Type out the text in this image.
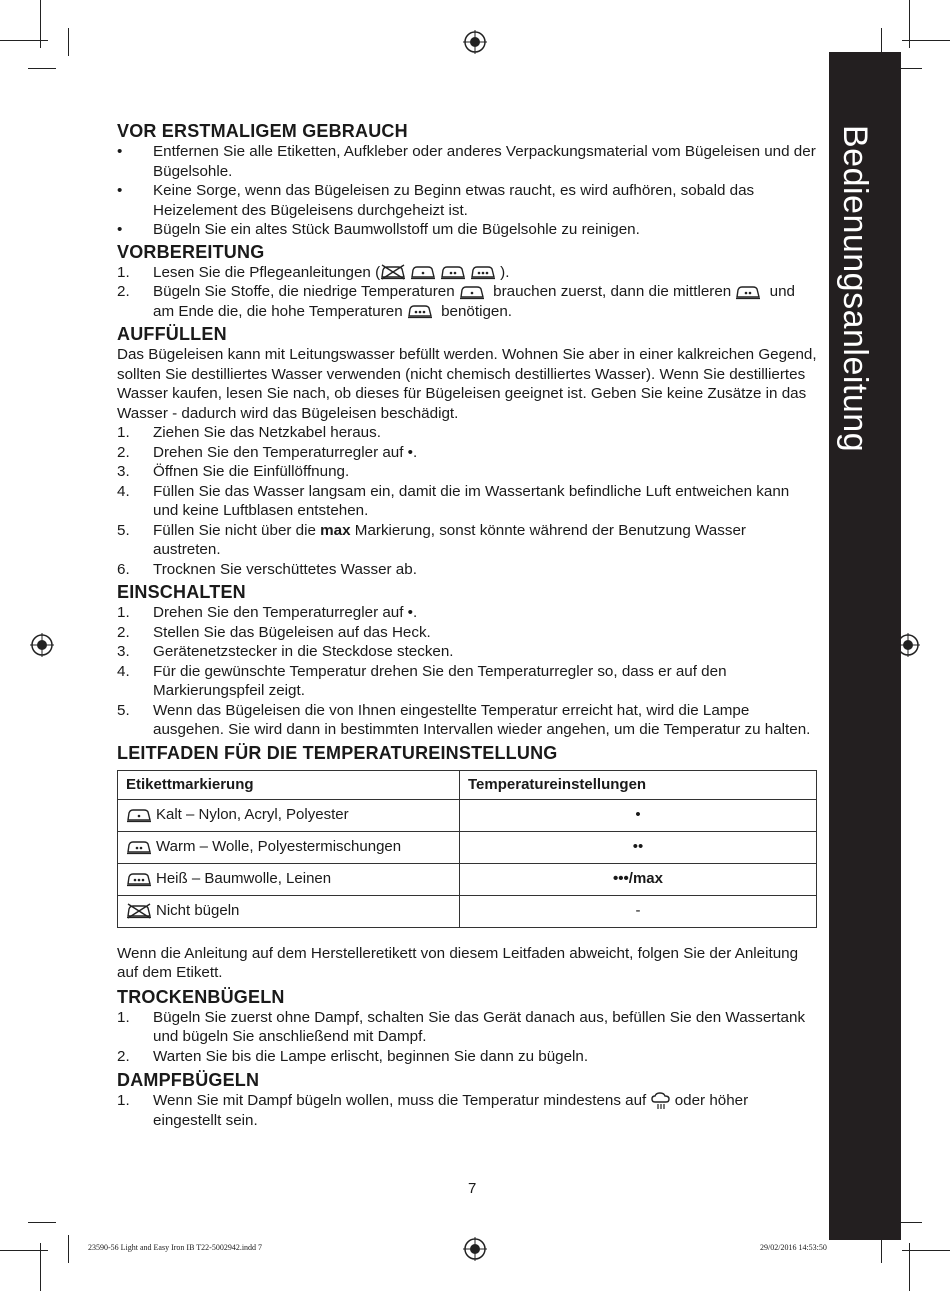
Bedienungsanleitung
VOR ERSTMALIGEM GEBRAUCH
• Entfernen Sie alle Etiketten, Aufkleber oder anderes Verpackungsmaterial vom Bügeleisen und der Bügelsohle.
• Keine Sorge, wenn das Bügeleisen zu Beginn etwas raucht, es wird aufhören, sobald das Heizelement des Bügeleisens durchgeheizt ist.
• Bügeln Sie ein altes Stück Baumwollstoff um die Bügelsohle zu reinigen.
VORBEREITUNG
1. Lesen Sie die Pflegeanleitungen (	).
2. Bügeln Sie Stoffe, die niedrige Temperaturen  brauchen zuerst, dann die mittleren  und am Ende die, die hohe Temperaturen  benötigen.
AUFFÜLLEN

Das Bügeleisen kann mit Leitungswasser befüllt werden. Wohnen Sie aber in einer kalkreichen Gegend, sollten Sie destilliertes Wasser verwenden (nicht chemisch destilliertes Wasser). Wenn Sie destilliertes Wasser kaufen, lesen Sie nach, ob dieses für Bügeleisen geeignet ist. Geben Sie keine Zusätze in das Wasser - dadurch wird das Bügeleisen beschädigt.

1. Ziehen Sie das Netzkabel heraus.
2. Drehen Sie den Temperaturregler auf •.
3. Öffnen Sie die Einfüllöffnung.
4. Füllen Sie das Wasser langsam ein, damit die im Wassertank befindliche Luft entweichen kann und keine Luftblasen entstehen.
5. Füllen Sie nicht über die max Markierung, sonst könnte während der Benutzung Wasser austreten.
6. Trocknen Sie verschüttetes Wasser ab.
EINSCHALTEN
1. Drehen Sie den Temperaturregler auf •.
2. Stellen Sie das Bügeleisen auf das Heck.
3. Gerätenetzstecker in die Steckdose stecken.
4. Für die gewünschte Temperatur drehen Sie den Temperaturregler so, dass er auf den Markierungspfeil zeigt.
5. Wenn das Bügeleisen die von Ihnen eingestellte Temperatur erreicht hat, wird die Lampe ausgehen. Sie wird dann in bestimmten Intervallen wieder angehen, um die Temperatur zu halten.
LEITFADEN FÜR DIE TEMPERATUREINSTELLUNG
Etikettmarkierung	Temperatureinstellungen
Kalt – Nylon, Acryl, Polyester	•
Warm – Wolle, Polyestermischungen	••
Heiß – Baumwolle, Leinen	•••/max
Nicht bügeln	-

Wenn die Anleitung auf dem Herstelleretikett von diesem Leitfaden abweicht, folgen Sie der Anleitung auf dem Etikett.

TROCKENBÜGELN
1. Bügeln Sie zuerst ohne Dampf, schalten Sie das Gerät danach aus, befüllen Sie den Wassertank und bügeln Sie anschließend mit Dampf.
2. Warten Sie bis die Lampe erlischt, beginnen Sie dann zu bügeln.
DAMPFBÜGELN
1. Wenn Sie mit Dampf bügeln wollen, muss die Temperatur mindestens auf  oder höher eingestellt sein.
7
23590-56 Light and Easy Iron IB T22-5002942.indd 7	29/02/2016 14:53:50
